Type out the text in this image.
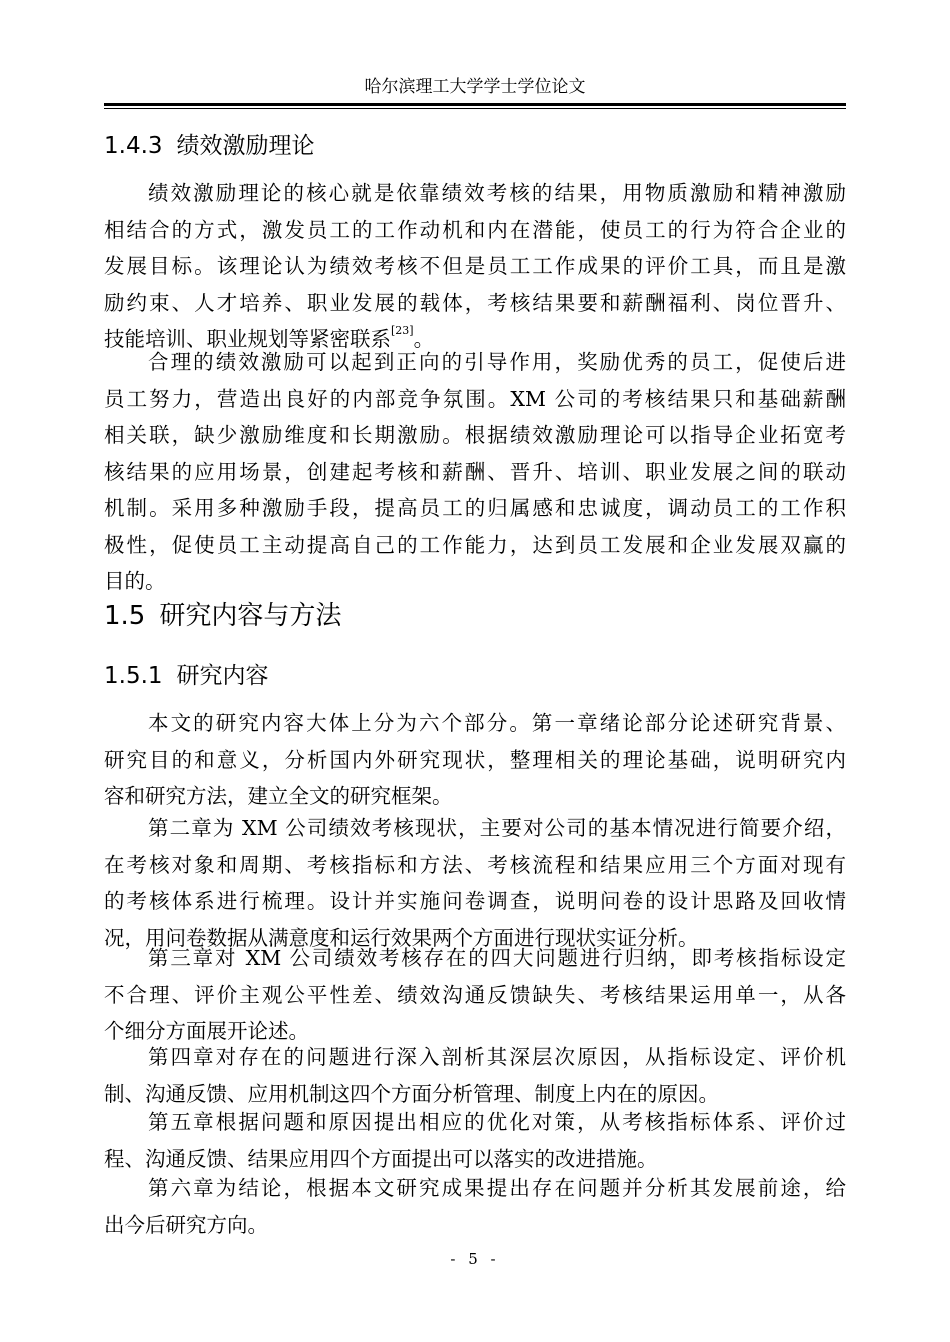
哈尔滨理工大学学士学位论文
1.4.3 绩效激励理论
绩效激励理论的核心就是依靠绩效考核的结果，用物质激励和精神激励
相结合的方式，激发员工的工作动机和内在潜能，使员工的行为符合企业的
发展目标。该理论认为绩效考核不但是员工工作成果的评价工具，而且是激
励约束、人才培养、职业发展的载体，考核结果要和薪酬福利、岗位晋升、
技能培训、职业规划等紧密联系[23]。
合理的绩效激励可以起到正向的引导作用，奖励优秀的员工，促使后进
员工努力，营造出良好的内部竞争氛围。XM 公司的考核结果只和基础薪酬
相关联，缺少激励维度和长期激励。根据绩效激励理论可以指导企业拓宽考
核结果的应用场景，创建起考核和薪酬、晋升、培训、职业发展之间的联动
机制。采用多种激励手段，提高员工的归属感和忠诚度，调动员工的工作积
极性，促使员工主动提高自己的工作能力，达到员工发展和企业发展双赢的
目的。
1.5 研究内容与方法
1.5.1 研究内容
本文的研究内容大体上分为六个部分。第一章绪论部分论述研究背景、
研究目的和意义，分析国内外研究现状，整理相关的理论基础，说明研究内
容和研究方法，建立全文的研究框架。
第二章为 XM 公司绩效考核现状，主要对公司的基本情况进行简要介绍，
在考核对象和周期、考核指标和方法、考核流程和结果应用三个方面对现有
的考核体系进行梳理。设计并实施问卷调查，说明问卷的设计思路及回收情
况，用问卷数据从满意度和运行效果两个方面进行现状实证分析。
第三章对 XM 公司绩效考核存在的四大问题进行归纳，即考核指标设定
不合理、评价主观公平性差、绩效沟通反馈缺失、考核结果运用单一，从各
个细分方面展开论述。
第四章对存在的问题进行深入剖析其深层次原因，从指标设定、评价机
制、沟通反馈、应用机制这四个方面分析管理、制度上内在的原因。
第五章根据问题和原因提出相应的优化对策，从考核指标体系、评价过
程、沟通反馈、结果应用四个方面提出可以落实的改进措施。
第六章为结论，根据本文研究成果提出存在问题并分析其发展前途，给
出今后研究方向。
- 5 -
